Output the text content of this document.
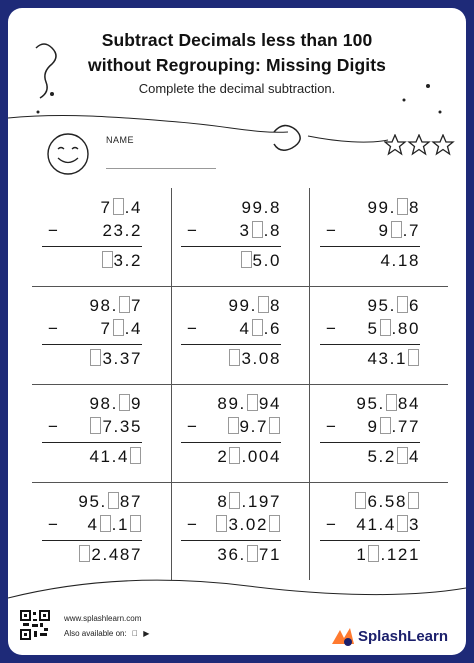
Subtract Decimals less than 100
without Regrouping: Missing Digits
Complete the decimal subtraction.
NAME
7 .4
−	23.2
3.2
99.8
−	3 .8
5.0
99. 8
−	9 .7
4.18
98. 7
−	7 .4
3.37
99. 8
−	4 .6
3.08
95. 6
− 5 .80
43.1
98. 9
−	7.35
41.4
89. 94
−	9.7
2 .004
95. 84
− 9 .77
5.2 4
95. 87
− 4 .1
2.487
8 .197
− 3.02
36. 71
6.58
− 41.4 3
1 .121
www.splashlearn.com
Also available on: ▶	SplashLearn
